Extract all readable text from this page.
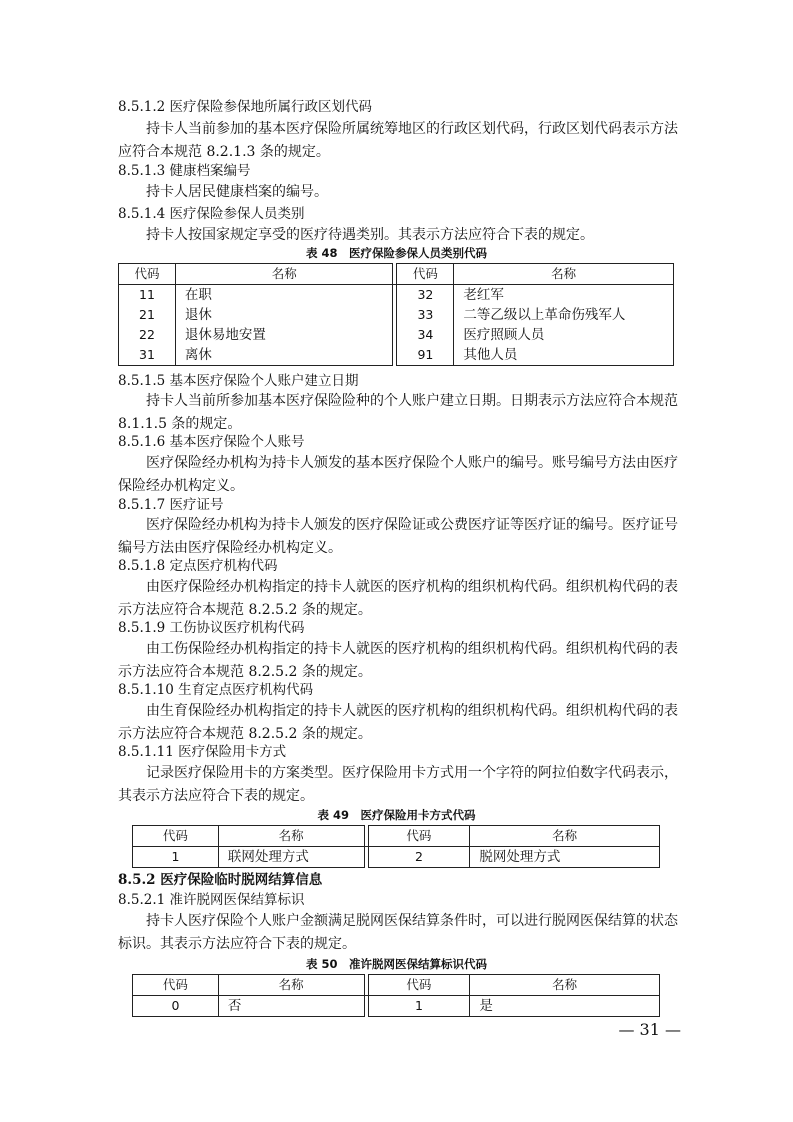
8.5.1.2 医疗保险参保地所属行政区划代码
持卡人当前参加的基本医疗保险所属统筹地区的行政区划代码，行政区划代码表示方法
应符合本规范 8.2.1.3 条的规定。
8.5.1.3 健康档案编号
持卡人居民健康档案的编号。
8.5.1.4 医疗保险参保人员类别
持卡人按国家规定享受的医疗待遇类别。其表示方法应符合下表的规定。
表 48　医疗保险参保人员类别代码
代码	名称		代码	名称
11	在职		32	老红军
21	退休		33	二等乙级以上革命伤残军人
22	退休易地安置		34	医疗照顾人员
31	离休		91	其他人员
8.5.1.5 基本医疗保险个人账户建立日期
持卡人当前所参加基本医疗保险险种的个人账户建立日期。日期表示方法应符合本规范
8.1.1.5 条的规定。
8.5.1.6 基本医疗保险个人账号
医疗保险经办机构为持卡人颁发的基本医疗保险个人账户的编号。账号编号方法由医疗
保险经办机构定义。
8.5.1.7 医疗证号
医疗保险经办机构为持卡人颁发的医疗保险证或公费医疗证等医疗证的编号。医疗证号
编号方法由医疗保险经办机构定义。
8.5.1.8 定点医疗机构代码
由医疗保险经办机构指定的持卡人就医的医疗机构的组织机构代码。组织机构代码的表
示方法应符合本规范 8.2.5.2 条的规定。
8.5.1.9 工伤协议医疗机构代码
由工伤保险经办机构指定的持卡人就医的医疗机构的组织机构代码。组织机构代码的表
示方法应符合本规范 8.2.5.2 条的规定。
8.5.1.10 生育定点医疗机构代码
由生育保险经办机构指定的持卡人就医的医疗机构的组织机构代码。组织机构代码的表
示方法应符合本规范 8.2.5.2 条的规定。
8.5.1.11 医疗保险用卡方式
记录医疗保险用卡的方案类型。医疗保险用卡方式用一个字符的阿拉伯数字代码表示，
其表示方法应符合下表的规定。
表 49　医疗保险用卡方式代码
代码	名称		代码	名称
1	联网处理方式		2	脱网处理方式
8.5.2 医疗保险临时脱网结算信息
8.5.2.1 准许脱网医保结算标识
持卡人医疗保险个人账户金额满足脱网医保结算条件时，可以进行脱网医保结算的状态
标识。其表示方法应符合下表的规定。
表 50　准许脱网医保结算标识代码
代码	名称		代码	名称
0	否		1	是
— 31 —
